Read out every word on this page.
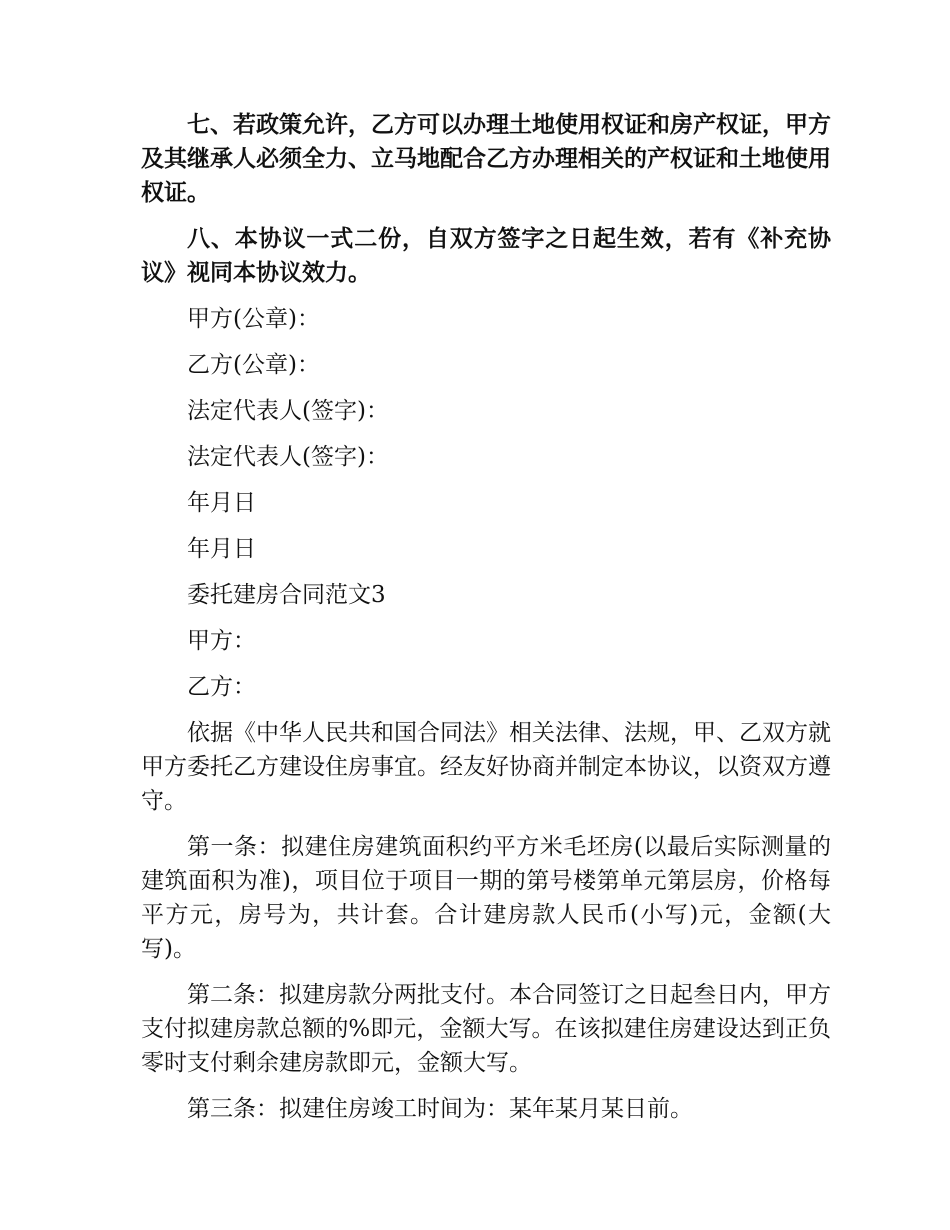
七、若政策允许，乙方可以办理土地使用权证和房产权证，甲方及其继承人必须全力、立马地配合乙方办理相关的产权证和土地使用权证。

八、本协议一式二份，自双方签字之日起生效，若有《补充协议》视同本协议效力。

甲方(公章)：

乙方(公章)：

法定代表人(签字)：

法定代表人(签字)：

年月日

年月日

委托建房合同范文3

甲方：

乙方：

依据《中华人民共和国合同法》相关法律、法规，甲、乙双方就甲方委托乙方建设住房事宜。经友好协商并制定本协议，以资双方遵守。

第一条：拟建住房建筑面积约平方米毛坯房(以最后实际测量的建筑面积为准)，项目位于项目一期的第号楼第单元第层房，价格每平方元，房号为，共计套。合计建房款人民币(小写)元，金额(大写)。

第二条：拟建房款分两批支付。本合同签订之日起叁日内，甲方支付拟建房款总额的%即元，金额大写。在该拟建住房建设达到正负零时支付剩余建房款即元，金额大写。

第三条：拟建住房竣工时间为：某年某月某日前。
